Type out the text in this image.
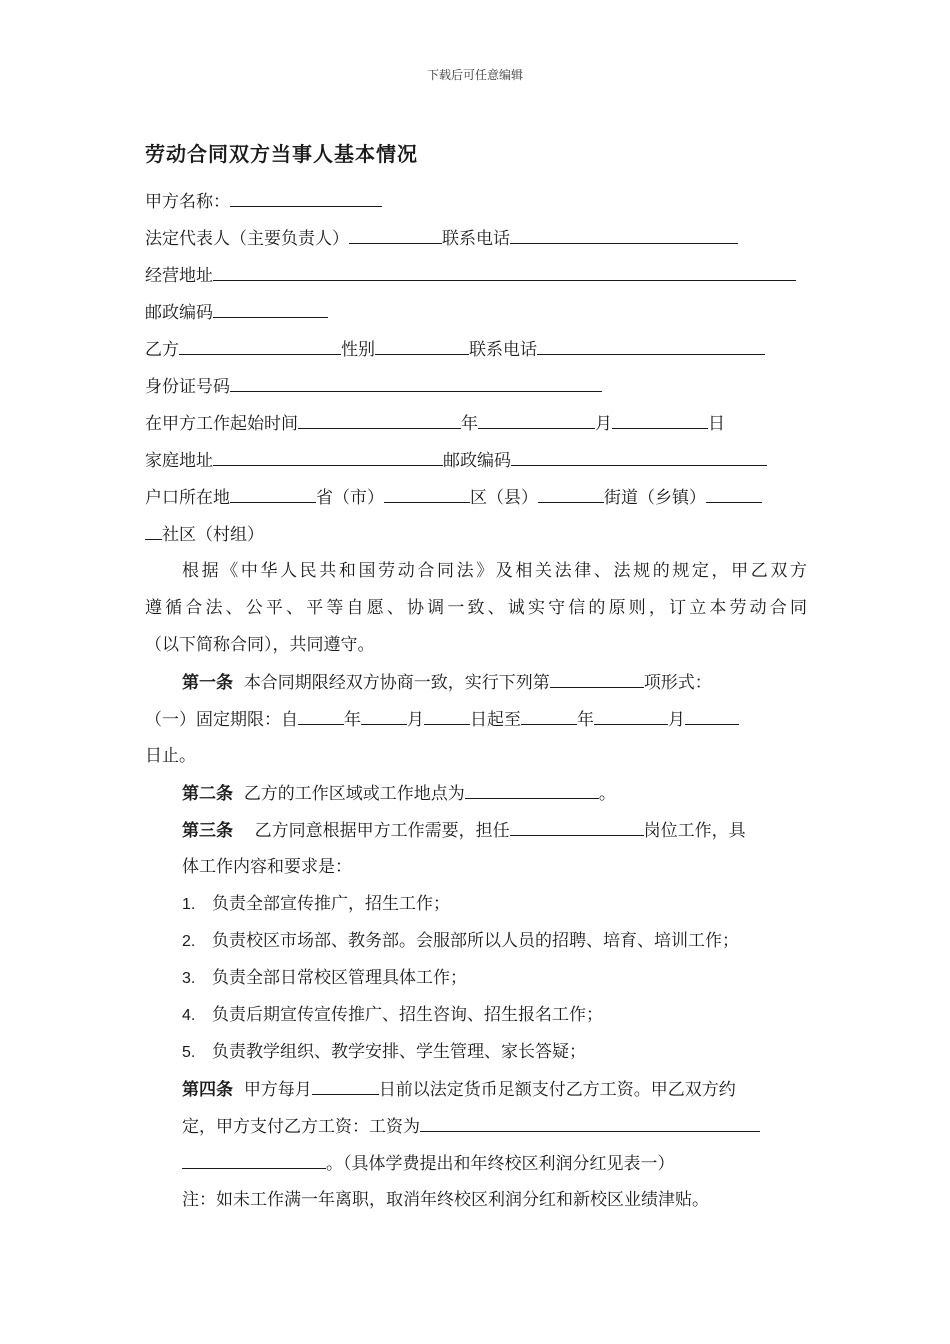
下载后可任意编辑
劳动合同双方当事人基本情况
甲方名称：
法定代表人（主要负责人）	联系电话
经营地址
邮政编码
乙方	性别	联系电话
身份证号码
在甲方工作起始时间	年	月	日
家庭地址	邮政编码
户口所在地	省（市）	区（县）	街道（乡镇）
社区（村组）
根据《中华人民共和国劳动合同法》及相关法律、法规的规定，甲乙双方
遵循合法、公平、平等自愿、协调一致、诚实守信的原则，订立本劳动合同
（以下简称合同），共同遵守。
第一条 本合同期限经双方协商一致，实行下列第	项形式：
（一）固定期限：自	年	月	日起至	年	月
日止。
第二条 乙方的工作区域或工作地点为	。
第三条 乙方同意根据甲方工作需要，担任	岗位工作，具
体工作内容和要求是：
1. 负责全部宣传推广，招生工作；
2. 负责校区市场部、教务部。会服部所以人员的招聘、培育、培训工作；
3. 负责全部日常校区管理具体工作；
4. 负责后期宣传宣传推广、招生咨询、招生报名工作；
5. 负责教学组织、教学安排、学生管理、家长答疑；
第四条 甲方每月	日前以法定货币足额支付乙方工资。甲乙双方约
定，甲方支付乙方工资：工资为
。（具体学费提出和年终校区利润分红见表一）
注：如未工作满一年离职，取消年终校区利润分红和新校区业绩津贴。
